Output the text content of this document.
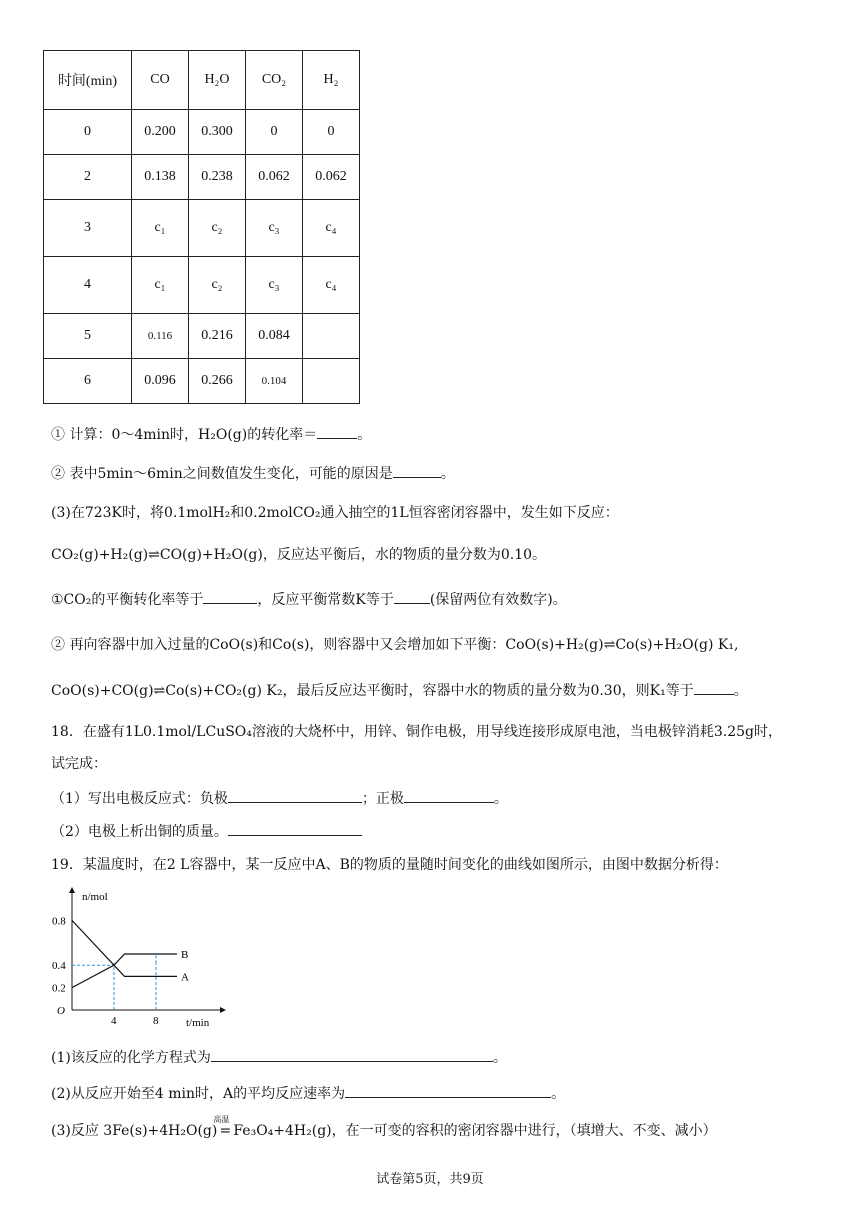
时间(min)	CO	H₂O	CO₂	H₂
0	0.200	0.300	0	0
2	0.138	0.238	0.062	0.062
3	c₁	c₂	c₃	c₄
4	c₁	c₂	c₃	c₄
5	0.116	0.216	0.084	
6	0.096	0.266	0.104	
① 计算：0～4min时，H₂O(g)的转化率＝	。
② 表中5min～6min之间数值发生变化，可能的原因是	。
(3)在723K时，将0.1molH₂和0.2molCO₂通入抽空的1L恒容密闭容器中，发生如下反应：
CO₂(g)+H₂(g)⇌CO(g)+H₂O(g)，反应达平衡后，水的物质的量分数为0.10。
①CO₂的平衡转化率等于	，反应平衡常数K等于	(保留两位有效数字)。
② 再向容器中加入过量的CoO(s)和Co(s)，则容器中又会增加如下平衡：CoO(s)+H₂(g)⇌Co(s)+H₂O(g) K₁,
CoO(s)+CO(g)⇌Co(s)+CO₂(g) K₂，最后反应达平衡时，容器中水的物质的量分数为0.30，则K₁等于	。
18．在盛有1L0.1mol/LCuSO₄溶液的大烧杯中，用锌、铜作电极，用导线连接形成原电池，当电极锌消耗3.25g时，
试完成：
（1）写出电极反应式：负极	；正极	。
（2）电极上析出铜的质量。
19．某温度时，在2 L容器中，某一反应中A、B的物质的量随时间变化的曲线如图所示，由图中数据分析得：
n/mol
t/min
O
0.2
0.4
0.8
4	8
A
B
(1)该反应的化学方程式为	。
(2)从反应开始至4 min时，A的平均反应速率为	。
(3)反应 3Fe(s)+4H₂O(g)
高温
= Fe₃O₄+4H₂(g)，在一可变的容积的密闭容器中进行，（填增大、不变、减小）
试卷第5页，共9页
